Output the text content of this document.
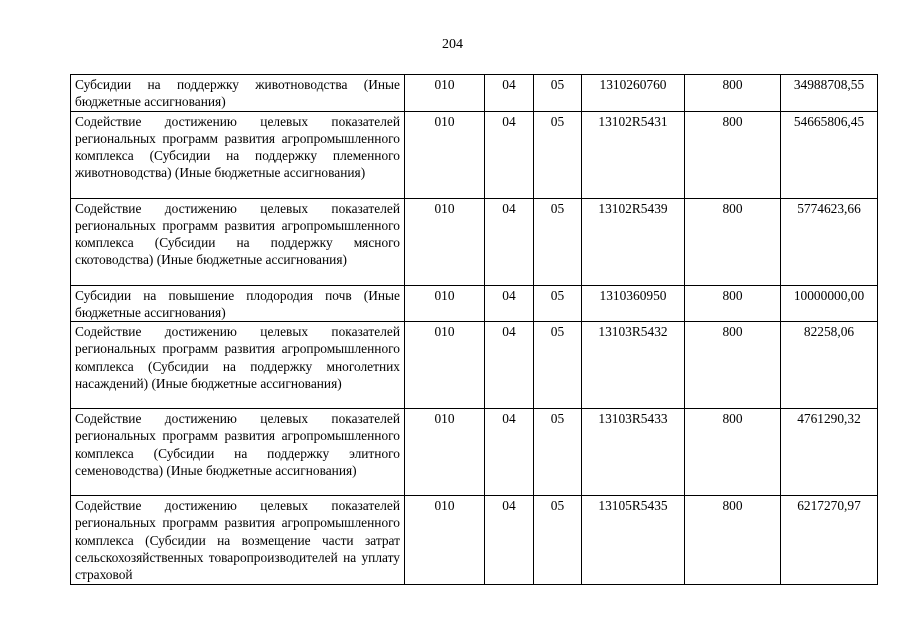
204
Субсидии на поддержку животноводства (Иные бюджетные ассигнования)	010	04	05	1310260760	800	34988708,55
Содействие достижению целевых показателей региональных программ развития агропромышленного комплекса (Субсидии на поддержку племенного животноводства) (Иные бюджетные ассигнования)	010	04	05	13102R5431	800	54665806,45
Содействие достижению целевых показателей региональных программ развития агропромышленного комплекса (Субсидии на поддержку мясного скотоводства) (Иные бюджетные ассигнования)	010	04	05	13102R5439	800	5774623,66
Субсидии на повышение плодородия почв (Иные бюджетные ассигнования)	010	04	05	1310360950	800	10000000,00
Содействие достижению целевых показателей региональных программ развития агропромышленного комплекса (Субсидии на поддержку многолетних насаждений) (Иные бюджетные ассигнования)	010	04	05	13103R5432	800	82258,06
Содействие достижению целевых показателей региональных программ развития агропромышленного комплекса (Субсидии на поддержку элитного семеноводства) (Иные бюджетные ассигнования)	010	04	05	13103R5433	800	4761290,32
Содействие достижению целевых показателей региональных программ развития агропромышленного комплекса (Субсидии на возмещение части затрат сельскохозяйственных товаропроизводителей на уплату страховой	010	04	05	13105R5435	800	6217270,97
